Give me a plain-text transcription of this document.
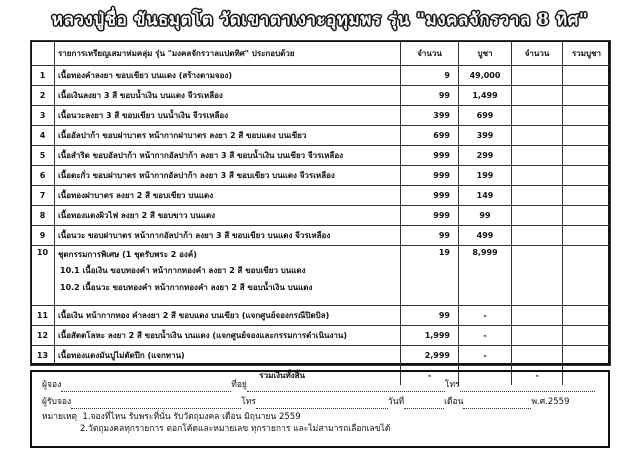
หลวงปู่ชื่อ ขันธมุตโต วัดเขาตาเงาะอุทุมพร รุ่น "มงคลจักรวาล 8 ทิศ"
	รายการเหรียญเสมาห่มคลุ่ม รุ่น "มงคลจักรวาลแปดทิศ" ประกอบด้วย	จำนวน	บูชา	จำนวน	รวมบูชา
1	เนื้อทองคำลงยา ขอบเขียว บนแดง (สร้างตามจอง)	9	49,000		
2	เนื้อเงินลงยา 3 สี ขอบน้ำเงิน บนแดง จีวรเหลือง	99	1,499		
3	เนื้อนวะลงยา 3 สี ขอบเขียว บนน้ำเงิน จีวรเหลือง	399	699		
4	เนื้ออัลปาก้า ขอบฝาบาตร หน้ากากฝาบาตร ลงยา 2 สี ขอบแดง บนเขียว	699	399		
5	เนื้อสำริด ขอบอัลปาก้า หน้ากากอัลปาก้า ลงยา 3 สี ขอบน้ำเงิน บนเขียว จีวรเหลือง	999	299		
6	เนื้อตะกั่ว ขอบฝาบาตร หน้ากากอัลปาก้า ลงยา 3 สี ขอบเขียว บนแดง จีวรเหลือง	999	199		
7	เนื้อทองฝาบาตร ลงยา 2 สี ขอบเขียว บนแดง	999	149		
8	เนื้อทองแดงผิวไฟ ลงยา 2 สี ขอบขาว บนแดง	999	99		
9	เนื้อนวะ ขอบฝาบาตร หน้ากากอัลปาก้า ลงยา 3 สี ขอบเขียว บนแดง จีวรเหลือง	99	499		
10	ชุดกรรมการพิเศษ (1 ชุดรับพระ 2 องค์)
10.1 เนื้อเงิน ขอบทองคำ หน้ากากทองคำ ลงยา 2 สี ขอบเขียว บนแดง
10.2 เนื้อนวะ ขอบทองคำ หน้ากากทองคำ ลงยา 2 สี ขอบน้ำเงิน บนแดง	19	8,999		
11	เนื้อเงิน หน้ากากทอง คำลงยา 2 สี ขอบแดง บนเขียว (แจกศูนย์จองกรณีปิดบิล)	99	-		
12	เนื้อสัตตโลหะ ลงยา 2 สี ขอบน้ำเงิน บนแดง (แจกศูนย์จองและกรรมการดำเนินงาน)	1,999	-		
13	เนื้อทองแดงมันปูไม่ตัดปีก (แจกทาน)	2,999	-		
	รวมเงินทั้งสิ้น	-		-	
ผู้จอง	ที่อยู่	โทร
ผู้รับจอง	โทร	วันที่	เดือน	พ.ศ.2559
หมายเหตุ 1.จองที่ไหน รับพระที่นั่น รับวัตถุมงคล เดือน มิถุนายน 2559
2.วัตถุมงคลทุกรายการ ตอกโค้ดและหมายเลข ทุกรายการ และไม่สามารถเลือกเลขได้
